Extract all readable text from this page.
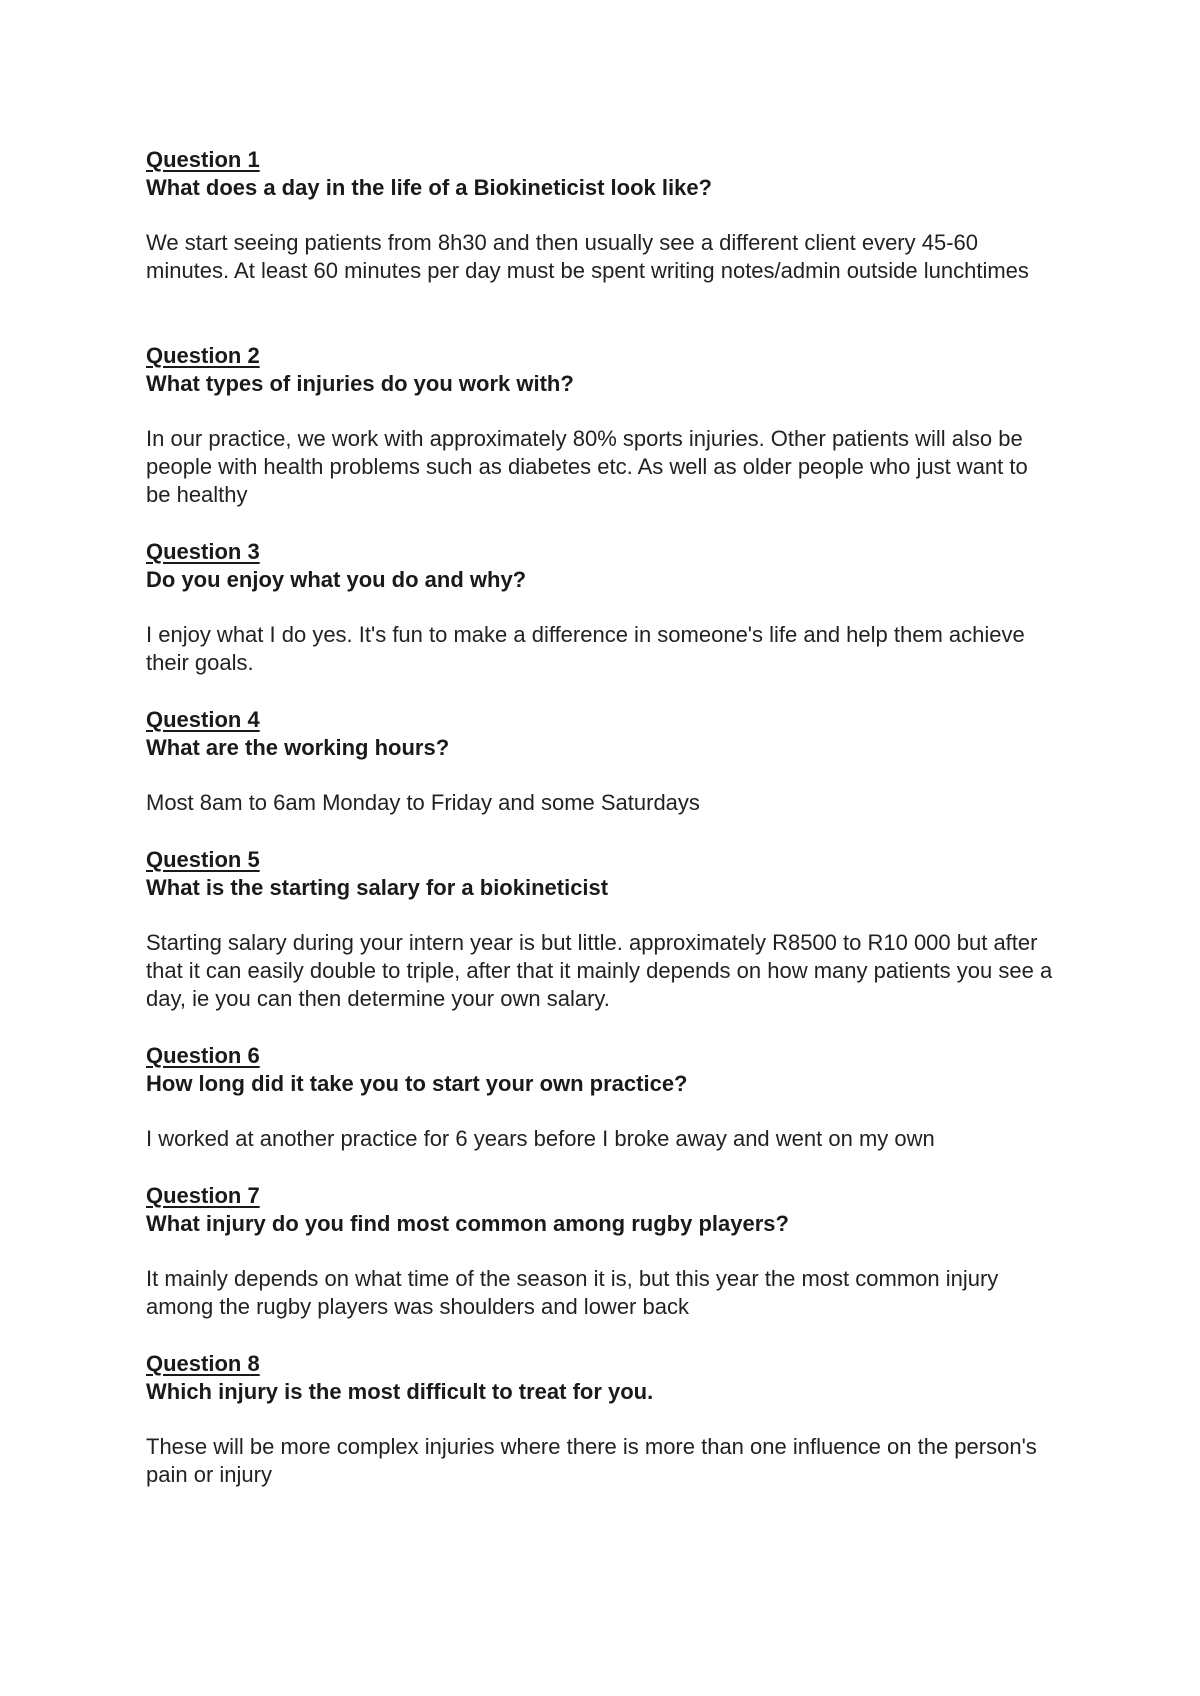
Question 1

What does a day in the life of a Biokineticist look like?

We start seeing patients from 8h30 and then usually see a different client every 45-60 minutes. At least 60 minutes per day must be spent writing notes/admin outside lunchtimes

Question 2

What types of injuries do you work with?

In our practice, we work with approximately 80% sports injuries. Other patients will also be people with health problems such as diabetes etc. As well as older people who just want to be healthy

Question 3

Do you enjoy what you do and why?

I enjoy what I do yes. It's fun to make a difference in someone's life and help them achieve their goals.

Question 4

What are the working hours?

Most 8am to 6am Monday to Friday and some Saturdays

Question 5

What is the starting salary for a biokineticist

Starting salary during your intern year is but little. approximately R8500 to R10 000 but after that it can easily double to triple, after that it mainly depends on how many patients you see a day, ie you can then determine your own salary.

Question 6

How long did it take you to start your own practice?

I worked at another practice for 6 years before I broke away and went on my own

Question 7

What injury do you find most common among rugby players?

It mainly depends on what time of the season it is, but this year the most common injury among the rugby players was shoulders and lower back

Question 8

Which injury is the most difficult to treat for you.

These will be more complex injuries where there is more than one influence on the person's pain or injury
